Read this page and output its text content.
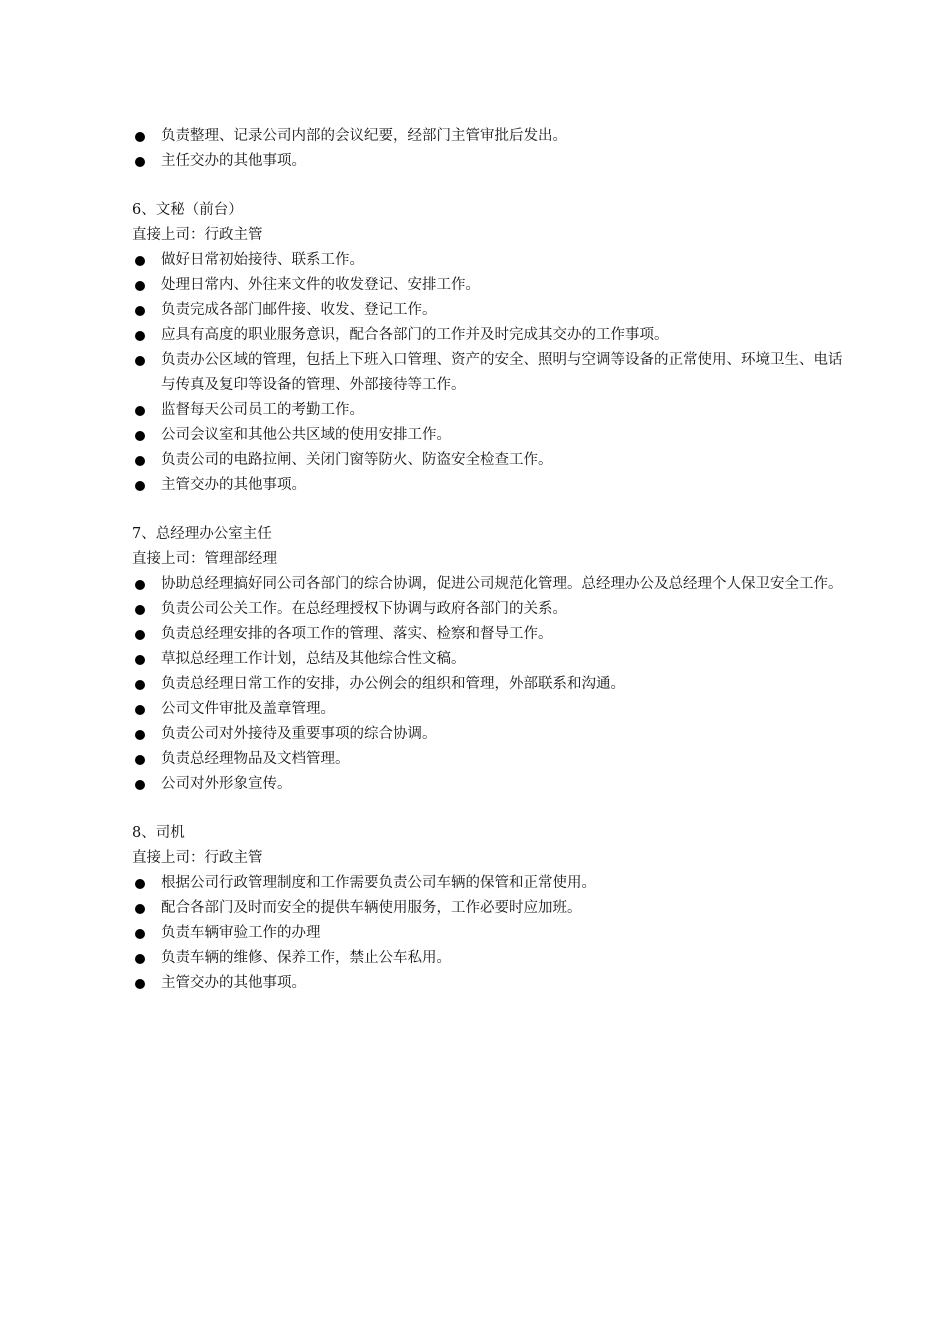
负责整理、记录公司内部的会议纪要，经部门主管审批后发出。
主任交办的其他事项。
6、文秘（前台）
直接上司：行政主管
做好日常初始接待、联系工作。
处理日常内、外往来文件的收发登记、安排工作。
负责完成各部门邮件接、收发、登记工作。
应具有高度的职业服务意识，配合各部门的工作并及时完成其交办的工作事项。
负责办公区域的管理，包括上下班入口管理、资产的安全、照明与空调等设备的正常使用、环境卫生、电话与传真及复印等设备的管理、外部接待等工作。
监督每天公司员工的考勤工作。
公司会议室和其他公共区域的使用安排工作。
负责公司的电路拉闸、关闭门窗等防火、防盗安全检查工作。
主管交办的其他事项。
7、总经理办公室主任
直接上司：管理部经理
协助总经理搞好同公司各部门的综合协调，促进公司规范化管理。总经理办公及总经理个人保卫安全工作。
负责公司公关工作。在总经理授权下协调与政府各部门的关系。
负责总经理安排的各项工作的管理、落实、检察和督导工作。
草拟总经理工作计划，总结及其他综合性文稿。
负责总经理日常工作的安排，办公例会的组织和管理，外部联系和沟通。
公司文件审批及盖章管理。
负责公司对外接待及重要事项的综合协调。
负责总经理物品及文档管理。
公司对外形象宣传。
8、司机
直接上司：行政主管
根据公司行政管理制度和工作需要负责公司车辆的保管和正常使用。
配合各部门及时而安全的提供车辆使用服务，工作必要时应加班。
负责车辆审验工作的办理
负责车辆的维修、保养工作，禁止公车私用。
主管交办的其他事项。
